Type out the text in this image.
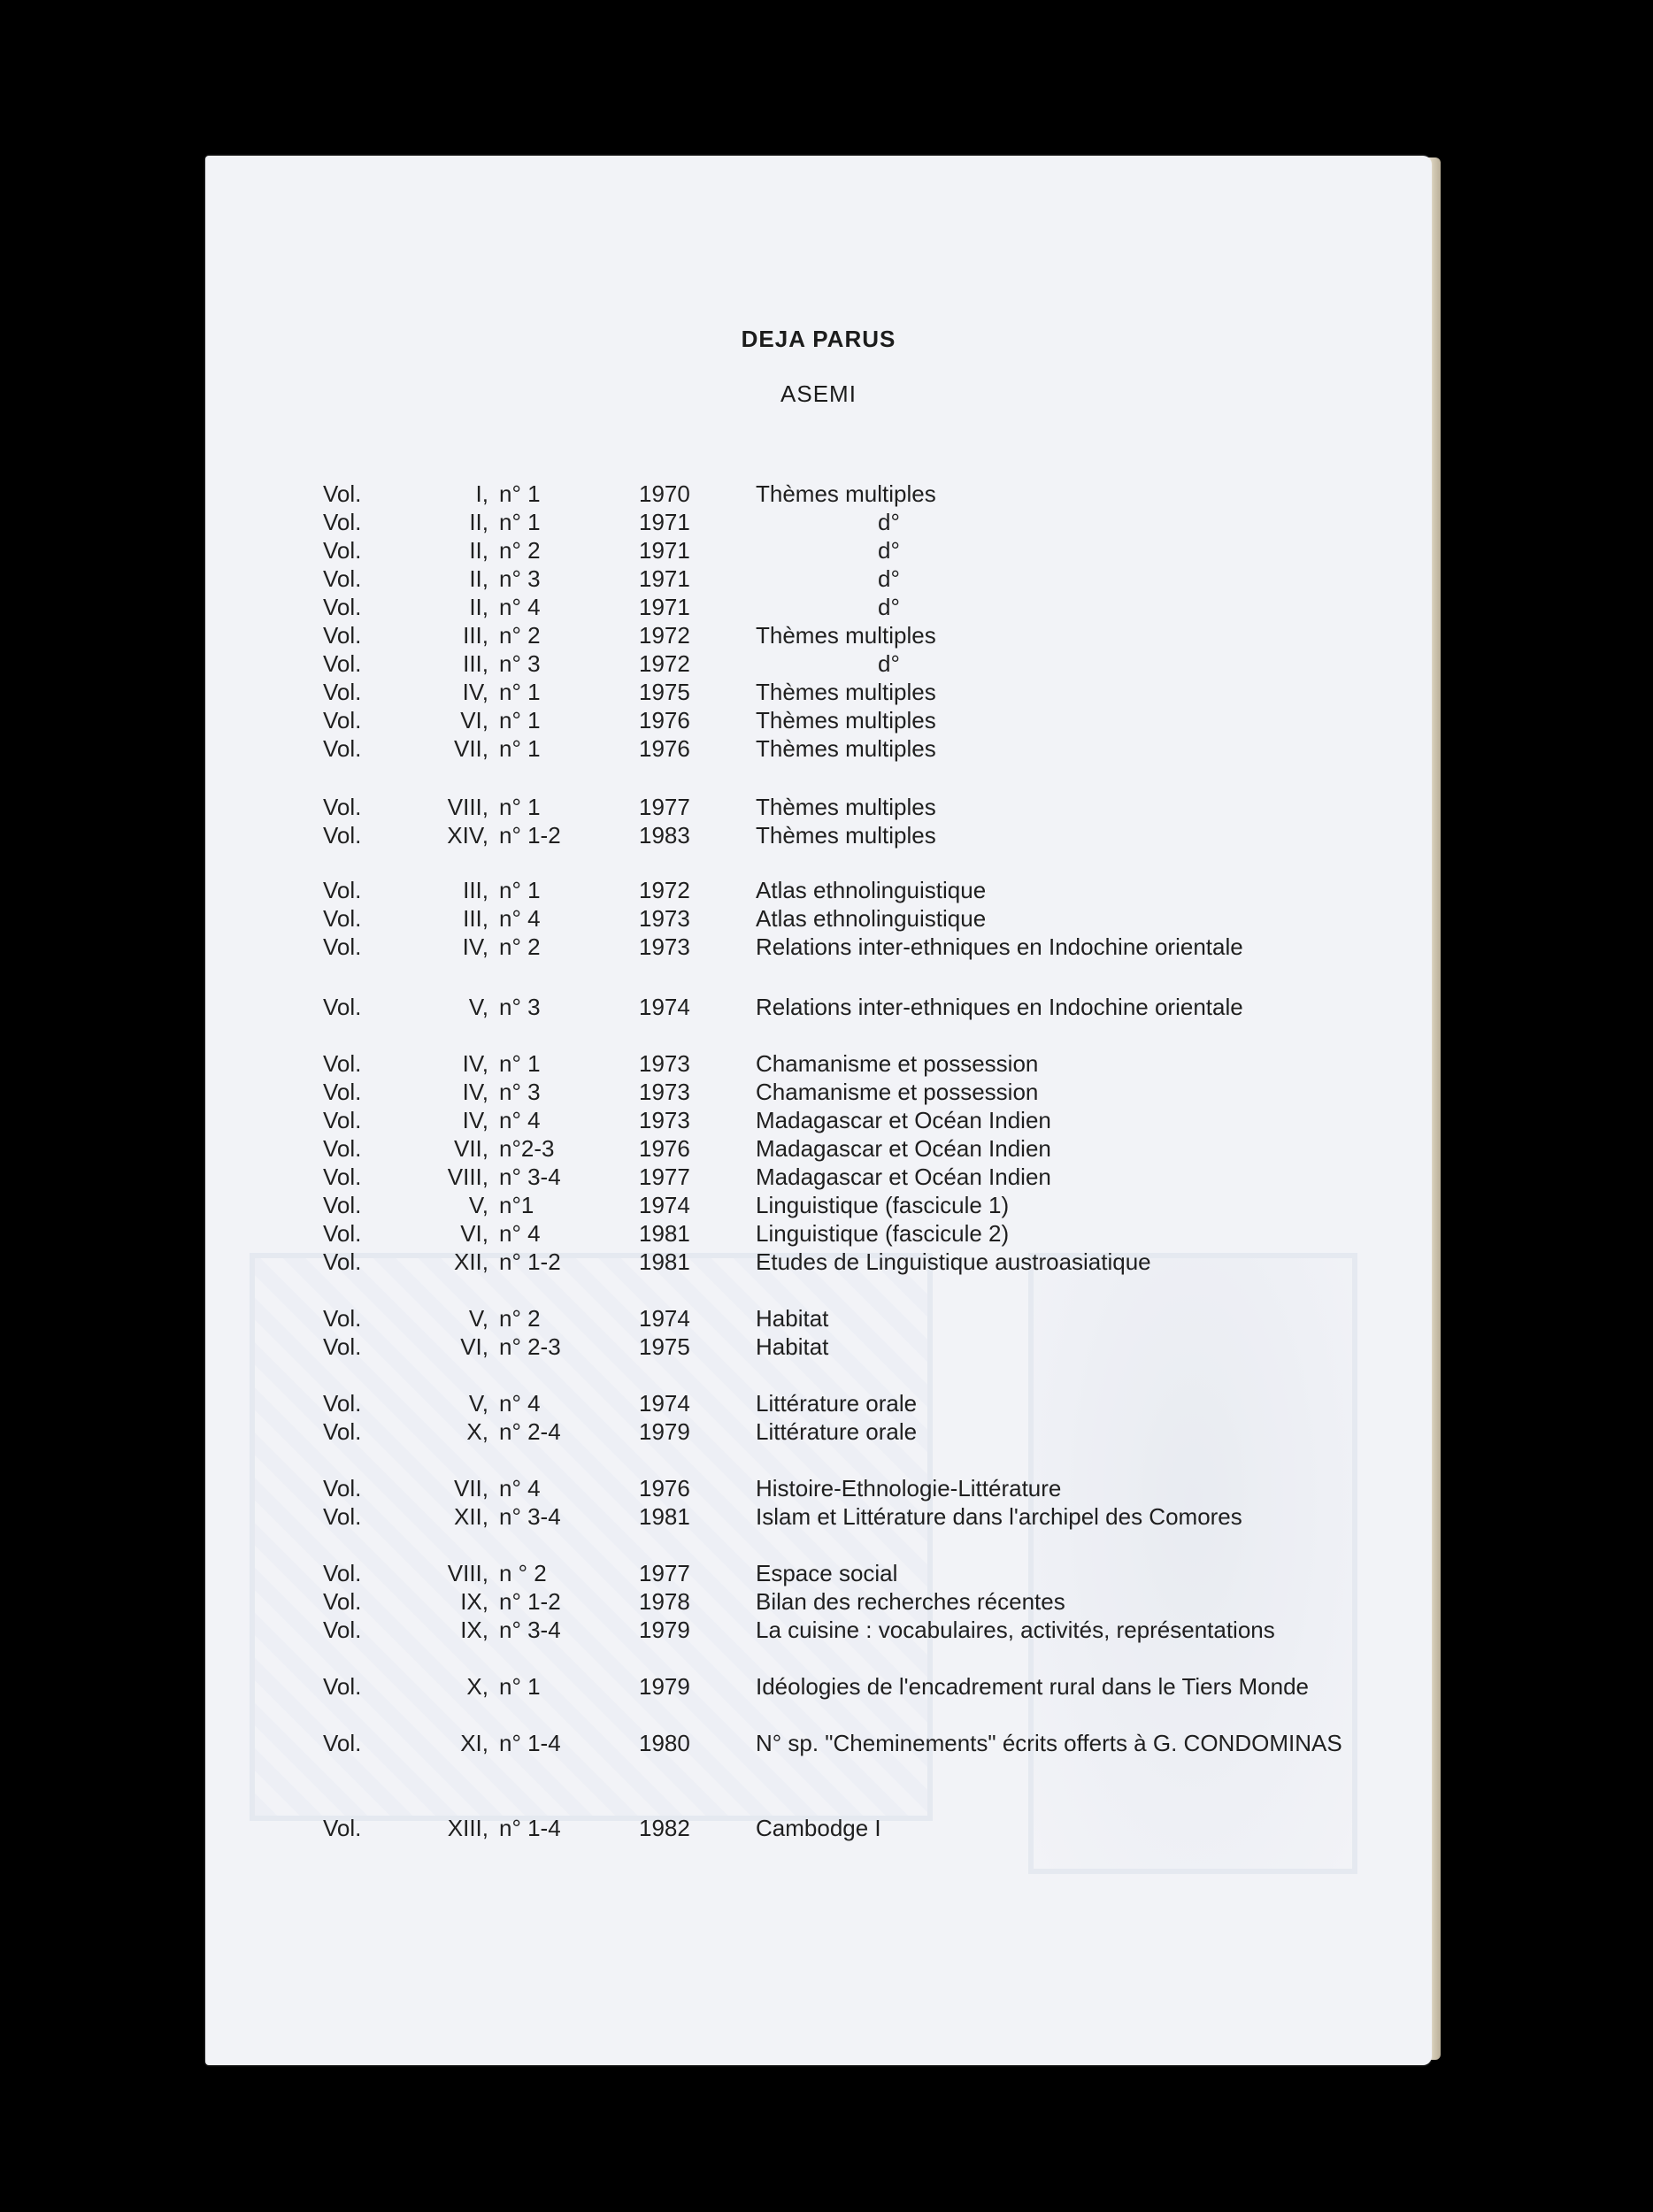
DEJA PARUS
ASEMI
Vol.	I, n° 1	1970	Thèmes multiples
Vol.	II, n° 1	1971	d°
Vol.	II, n° 2	1971	d°
Vol.	II, n° 3	1971	d°
Vol.	II, n° 4	1971	d°
Vol.	III, n° 2	1972	Thèmes multiples
Vol.	III, n° 3	1972	d°
Vol.	IV, n° 1	1975	Thèmes multiples
Vol.	VI, n° 1	1976	Thèmes multiples
Vol.	VII, n° 1	1976	Thèmes multiples
Vol.	VIII, n° 1	1977	Thèmes multiples
Vol.	XIV, n° 1-2	1983	Thèmes multiples
Vol.	III, n° 1	1972	Atlas ethnolinguistique
Vol.	III, n° 4	1973	Atlas ethnolinguistique
Vol.	IV, n° 2	1973	Relations inter-ethniques en Indochine orientale
Vol.	V, n° 3	1974	Relations inter-ethniques en Indochine orientale
Vol.	IV, n° 1	1973	Chamanisme et possession
Vol.	IV, n° 3	1973	Chamanisme et possession
Vol.	IV, n° 4	1973	Madagascar et Océan Indien
Vol.	VII, n°2-3	1976	Madagascar et Océan Indien
Vol.	VIII, n° 3-4	1977	Madagascar et Océan Indien
Vol.	V, n°1	1974	Linguistique (fascicule 1)
Vol.	VI, n° 4	1981	Linguistique (fascicule 2)
Vol.	XII, n° 1-2	1981	Etudes de Linguistique austroasiatique
Vol.	V, n° 2	1974	Habitat
Vol.	VI, n° 2-3	1975	Habitat
Vol.	V, n° 4	1974	Littérature orale
Vol.	X, n° 2-4	1979	Littérature orale
Vol.	VII, n° 4	1976	Histoire-Ethnologie-Littérature
Vol.	XII, n° 3-4	1981	Islam et Littérature dans l'archipel des Comores
Vol.	VIII, n ° 2	1977	Espace social
Vol.	IX, n° 1-2	1978	Bilan des recherches récentes
Vol.	IX, n° 3-4	1979	La cuisine : vocabulaires, activités, représentations
Vol.	X, n° 1	1979	Idéologies de l'encadrement rural dans le Tiers Monde
Vol.	XI, n° 1-4	1980	N° sp. "Cheminements" écrits offerts à G. CONDOMINAS
Vol.	XIII, n° 1-4	1982	Cambodge I
